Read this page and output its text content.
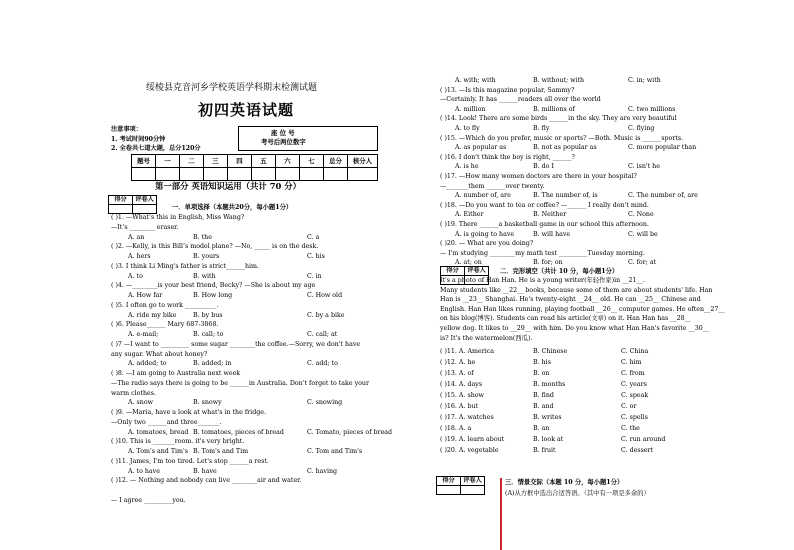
绥棱县克音河乡学校英语学科期末检测试题
初四英语试题
注意事项：
1. 考试时间90分钟
2. 全卷共七道大题，总分120分
座 位 号
考号后两位数字
题号	一	二	三	四	五	六	七	总分	核分人

第一部分 英语知识运用（共计 70 分）
得分	评卷人

一．单项选择（本题共20分，每小题1分）
( )1. —What’s this in English, Miss Wang?
—It’s ________ eraser.
A. an	B. the	C. a
( )2. —Kelly, is this Bill’s model plane? —No, _____ is on the desk.
A. hers	B. yours	C. his
( )3. I think Li Ming's father is strict______him.
A. to	B. with	C. in
( )4. —________is your best friend, Becky? —She is about my age
A. How far	B. How long	C. How old
( )5. I often go to work __________.
A. ride my bike	B. by bus	C. by a bike
( )6. Please______ Mary 687-3868.
A. e-mail;	B. call; to	C. call; at
( )7 —I want to _________ some sugar ________the coffee.—Sorry, we don't have
any sugar. What about honey?
A. added; to	B. added; in	C. add; to
( )8. —I am going to Australia next week
—The radio says there is going to be ______in Australia. Don't forget to take your
warm clothes.
A. snow	B. snowy	C. snowing
( )9. —Maria, have a look at what's in the fridge.
—Only two ______and three_______.
A. tomatoes, bread B. tomatoes, pieces of bread	C. Tomato, pieces of bread
( )10. This is _______room. it's very bright.
A. Tom's and Tim's B. Tom's and Tim	C. Tom and Tim's
( )11. James, I'm too tired. Let's stop ______a rest.
A. to have	B. have	C. having
( )12. — Nothing and nobody can live ________air and water.
— I agree _________you.
A. with; with	B. without; with	C. in; with
( )13. —Is this magazine popular, Sammy?
—Certainly. It has ______readers all over the world
A. million	B. millions of	C. two millions
( )14. Look! There are some birds ______in the sky. They are very beautiful
A. to fly	B. fly	C. flying
( )15. —Which do you prefer, music or sports? —Both. Music is ______sports.
A. as popular as	B. not as popular as	C. more popular than
( )16. I don't think the boy is right, ______?
A. is he	B. do I	C. isn't he
( )17. —How many women doctors are there in your hospital?
—_______them ______over twenty.
A. number of, are	B. The number of, is	C. The number of, are
( )18. —Do you want to tea or coffee? —______ I really don't mind.
A. Either	B. Neither	C. None
( )19. There ______a basketball game in our school this afternoon.
A. is going to have	B. will have	C. will be
( )20. — What are you doing?
— I'm studying ________my math test _________Tuesday morning.
A. at; on	B. for; on	C. for; at
得分	评卷人
	二．完形填空（共计 10 分，每小题1分）
It's a photo of Han Han. He is a young writer(年轻作家)in __21__.
Many students like __22__ books, because some of them are about students' life. Han
Han is __23__ Shanghai. He's twenty-eight __24__ old. He can __25__ Chinese and
English. Han Han likes running, playing football __26__ computer games. He often__27__
on his blog(博客). Students can read his article(文章) on it. Han Han has __28__
yellow dog. It likes to __29__ with him. Do you know what Han Han's favorite __30__
is? It's the watermelon(西瓜).
( )11. A. America	B. Chinese	C. China
( )12. A. he	B. his	C. him
( )13. A. of	B. on	C. from
( )14. A. days	B. months	C. years
( )15. A. show	B. find	C. speak
( )16. A. but	B. and	C. or
( )17. A. watches	B. writes	C. spells
( )18. A. a	B. an	C. the
( )19. A. learn about	B. look at	C. run around
( )20. A. vegetable	B. fruit	C. dessert
得分	评卷人
		三．情景交际（本题 10 分，每小题1分）
(A)从方框中选出合适答语。（其中有一项是多余的）
